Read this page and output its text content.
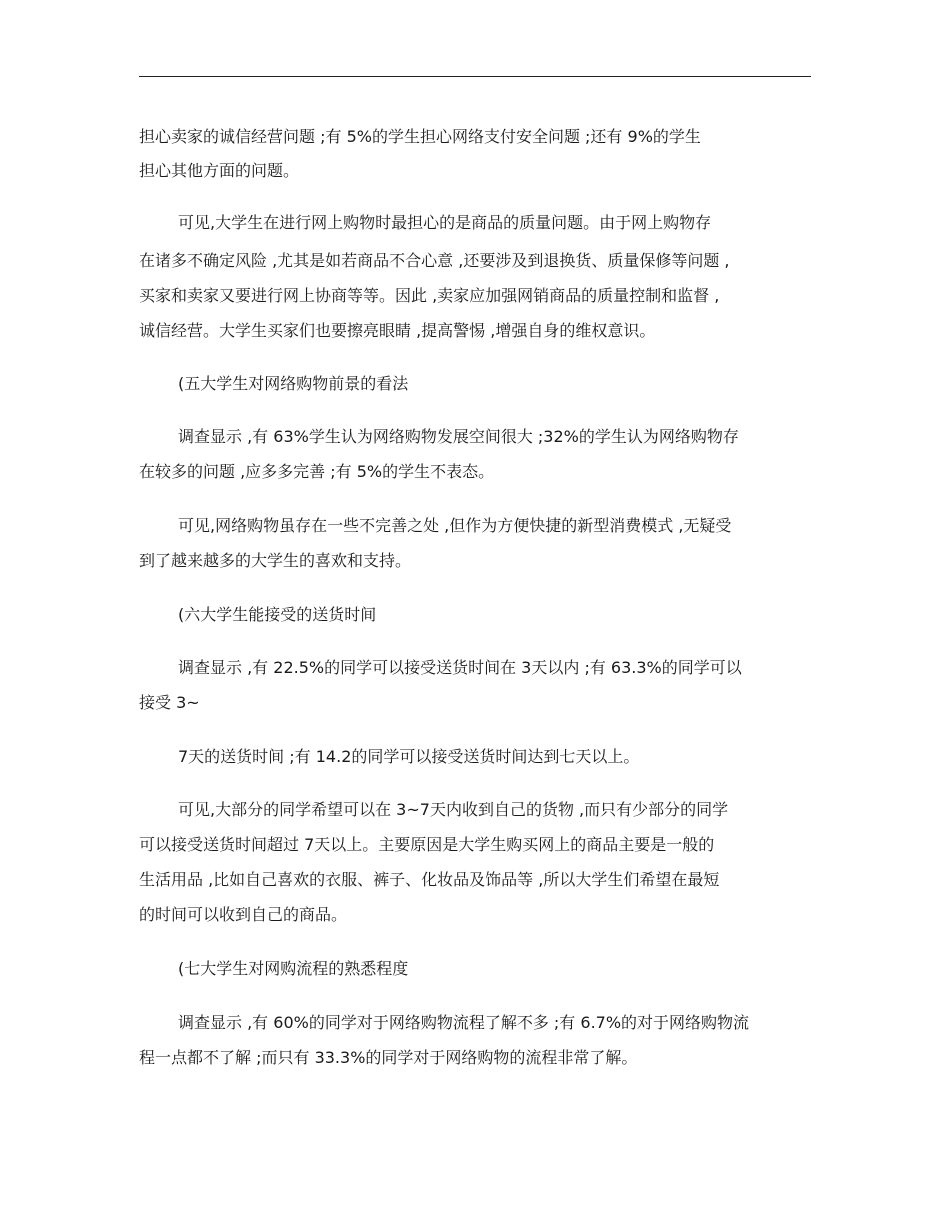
担心卖家的诚信经营问题 ;有 5%的学生担心网络支付安全问题 ;还有 9%的学生

担心其他方面的问题。

可见,大学生在进行网上购物时最担心的是商品的质量问题。由于网上购物存

在诸多不确定风险 ,尤其是如若商品不合心意 ,还要涉及到退换货、质量保修等问题 ,

买家和卖家又要进行网上协商等等。因此 ,卖家应加强网销商品的质量控制和监督 ,

诚信经营。大学生买家们也要擦亮眼睛 ,提高警惕 ,增强自身的维权意识。

(五大学生对网络购物前景的看法

调查显示 ,有 63%学生认为网络购物发展空间很大 ;32%的学生认为网络购物存

在较多的问题 ,应多多完善 ;有 5%的学生不表态。

可见,网络购物虽存在一些不完善之处 ,但作为方便快捷的新型消费模式 ,无疑受

到了越来越多的大学生的喜欢和支持。

(六大学生能接受的送货时间

调查显示 ,有 22.5%的同学可以接受送货时间在 3天以内 ;有 63.3%的同学可以

接受 3~

7天的送货时间 ;有 14.2的同学可以接受送货时间达到七天以上。

可见,大部分的同学希望可以在 3~7天内收到自己的货物 ,而只有少部分的同学

可以接受送货时间超过 7天以上。主要原因是大学生购买网上的商品主要是一般的

生活用品 ,比如自己喜欢的衣服、裤子、化妆品及饰品等 ,所以大学生们希望在最短

的时间可以收到自己的商品。

(七大学生对网购流程的熟悉程度

调查显示 ,有 60%的同学对于网络购物流程了解不多 ;有 6.7%的对于网络购物流

程一点都不了解 ;而只有 33.3%的同学对于网络购物的流程非常了解。
